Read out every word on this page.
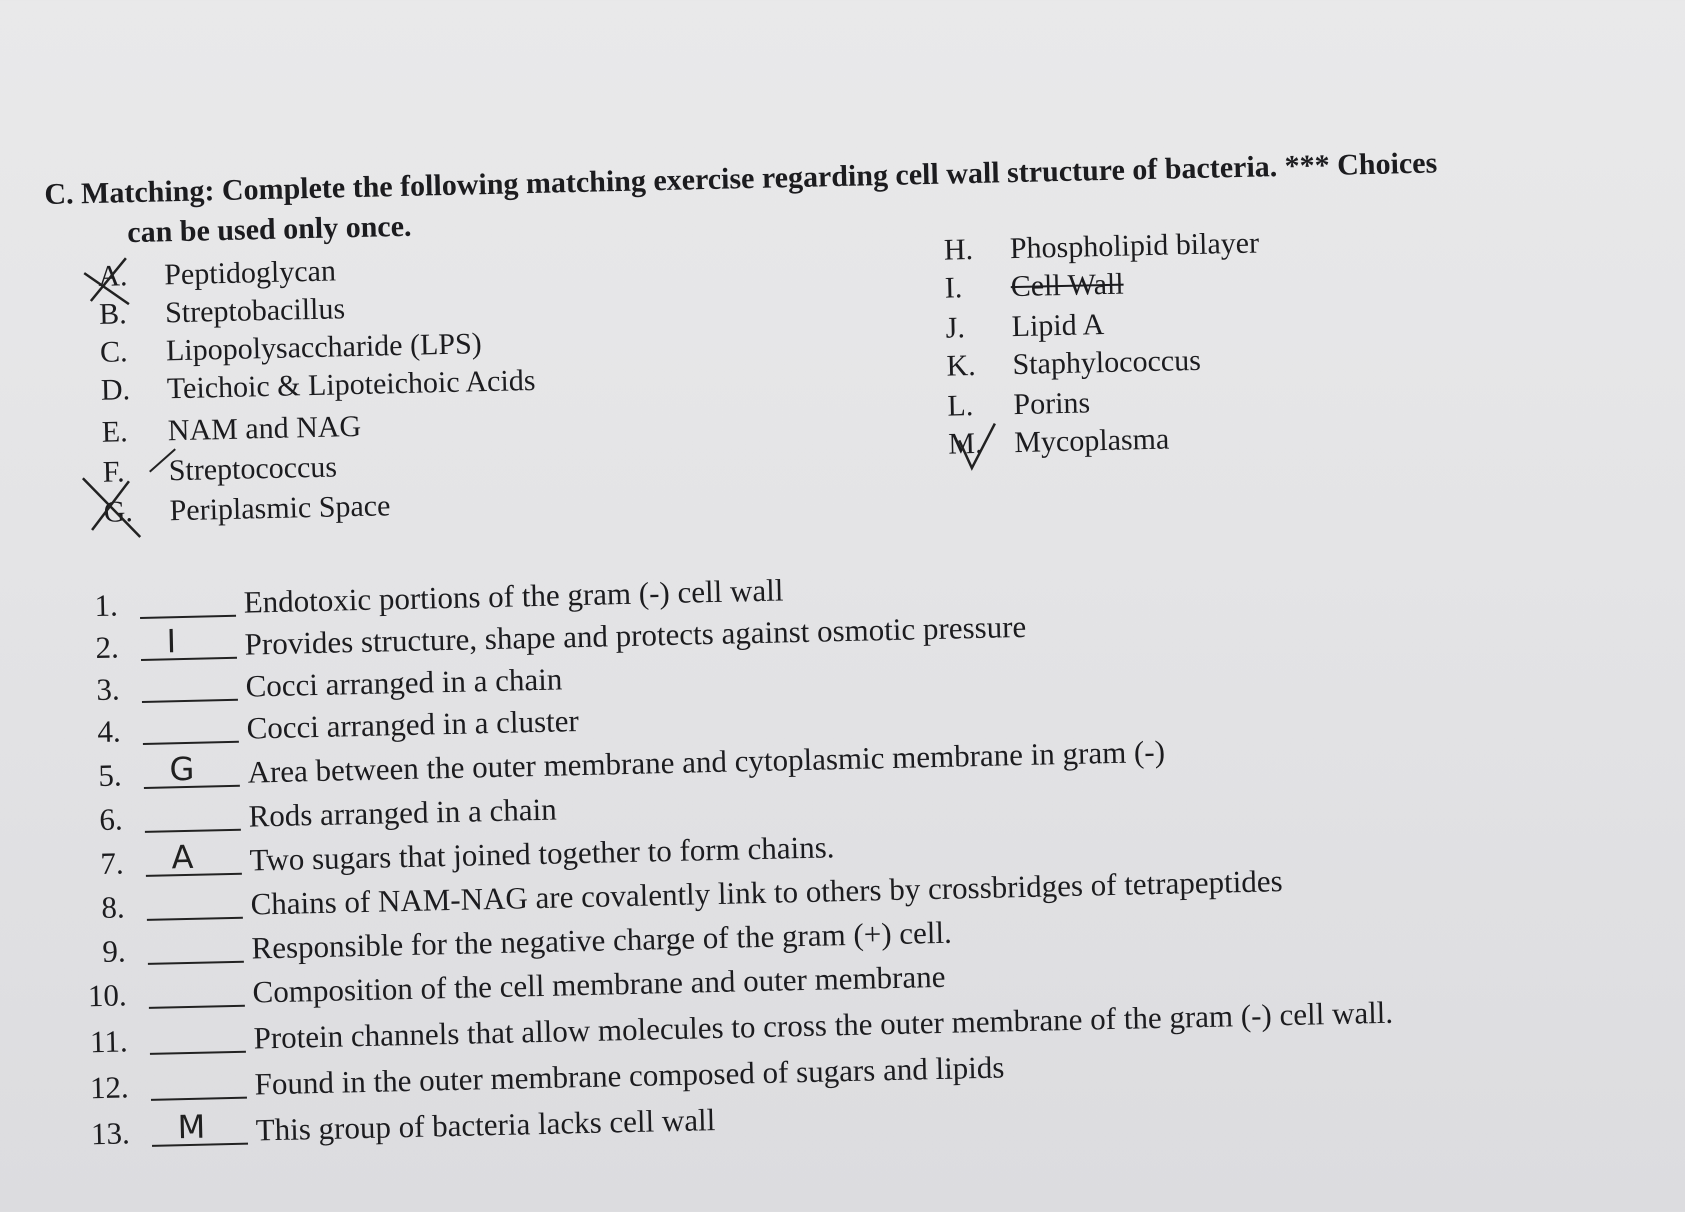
C. Matching: Complete the following matching exercise regarding cell wall structure of bacteria. *** Choices
can be used only once.
A. Peptidoglycan
B. Streptobacillus
C. Lipopolysaccharide (LPS)
D. Teichoic & Lipoteichoic Acids
E. NAM and NAG
F. Streptococcus
G. Periplasmic Space
H. Phospholipid bilayer
I. Cell Wall
J. Lipid A
K. Staphylococcus
L. Porins
M. Mycoplasma
1.	Endotoxic portions of the gram (-) cell wall
2. I Provides structure, shape and protects against osmotic pressure
3.	Cocci arranged in a chain
4.	Cocci arranged in a cluster
5. G Area between the outer membrane and cytoplasmic membrane in gram (-)
6.	Rods arranged in a chain
7. A Two sugars that joined together to form chains.
8.	Chains of NAM-NAG are covalently link to others by crossbridges of tetrapeptides
9.	Responsible for the negative charge of the gram (+) cell.
10.	Composition of the cell membrane and outer membrane
11.	Protein channels that allow molecules to cross the outer membrane of the gram (-) cell wall.
12.	Found in the outer membrane composed of sugars and lipids
13. M This group of bacteria lacks cell wall
